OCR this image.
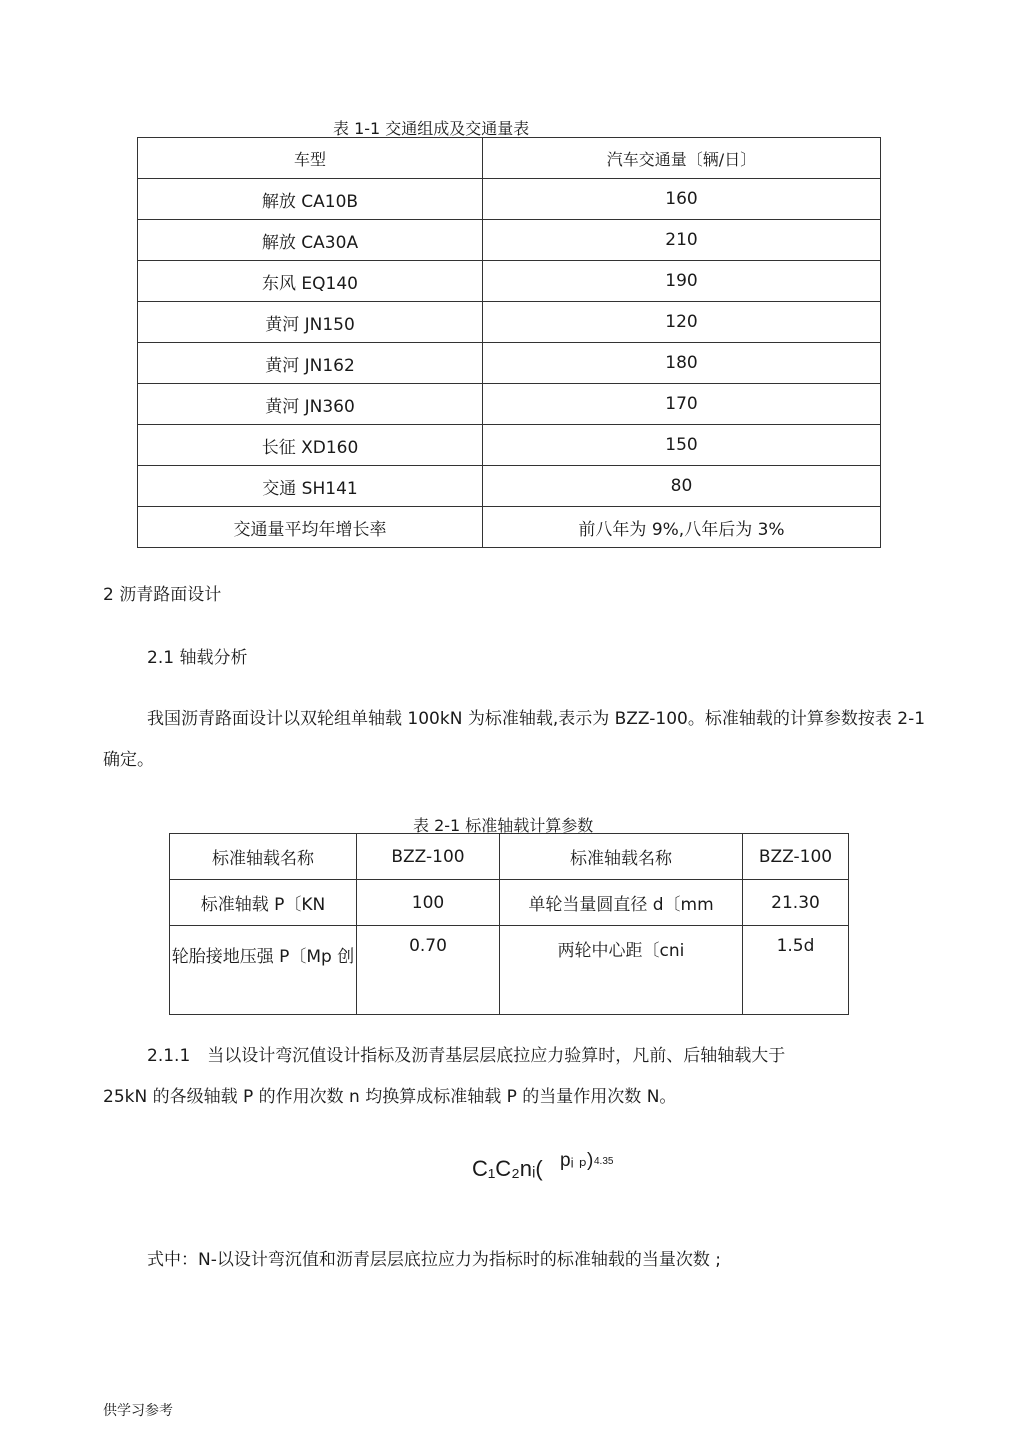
表 1-1 交通组成及交通量表
车型	汽车交通量〔辆/日〕
解放 CA10B	160
解放 CA30A	210
东风 EQ140	190
黄河 JN150	120
黄河 JN162	180
黄河 JN360	170
长征 XD160	150
交通 SH141	80
交通量平均年增长率	前八年为 9%,八年后为 3%
2 沥青路面设计
2.1 轴载分析
我国沥青路面设计以双轮组单轴载 100kN 为标准轴载,表示为 BZZ-100。标准轴载的计算参数按表 2-1
确定。
表 2-1 标准轴载计算参数
标准轴载名称	BZZ-100	标准轴载名称	BZZ-100
标准轴载 P〔KN	100	单轮当量圆直径 d〔mm	21.30
轮胎接地压强 P〔Mp 创	0.70	两轮中心距〔cni	1.5d
2.1.1　当以设计弯沉值设计指标及沥青基层层底拉应力验算时，凡前、后轴轴载大于
25kN 的各级轴载 P 的作用次数 n 均换算成标准轴载 P 的当量作用次数 N。
C₁C₂nᵢ( pᵢ ₚ) 4.35
式中：N-以设计弯沉值和沥青层层底拉应力为指标时的标准轴载的当量次数 ;
供学习参考
